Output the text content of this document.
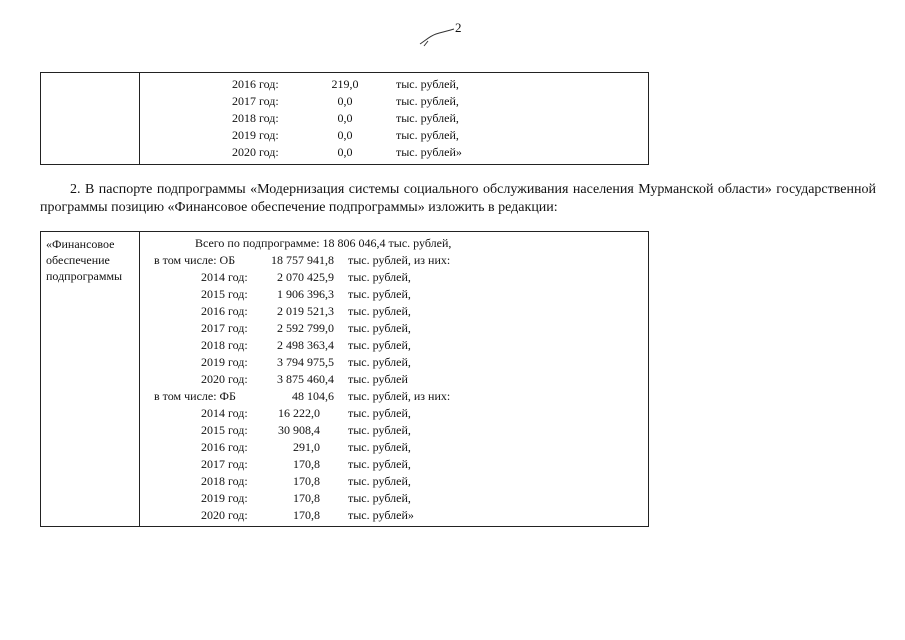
2

2016 год:	219,0	тыс. рублей,
2017 год:	0,0	тыс. рублей,
2018 год:	0,0	тыс. рублей,
2019 год:	0,0	тыс. рублей,
2020 год:	0,0	тыс. рублей»
2. В паспорте подпрограммы «Модернизация системы социального обслуживания населения Мурманской области» государственной программы позицию «Финансовое обеспечение подпрограммы» изложить в редакции:
«Финансовое
обеспечение
подпрограммы

Всего по подпрограмме: 18 806 046,4 тыс. рублей,
в том числе: ОБ	18 757 941,8 тыс. рублей, из них:
2014 год:	2 070 425,9 тыс. рублей,
2015 год:	1 906 396,3 тыс. рублей,
2016 год:	2 019 521,3 тыс. рублей,
2017 год:	2 592 799,0 тыс. рублей,
2018 год:	2 498 363,4 тыс. рублей,
2019 год:	3 794 975,5 тыс. рублей,
2020 год:	3 875 460,4 тыс. рублей
в том числе: ФБ	48 104,6 тыс. рублей, из них:
2014 год:	16 222,0 тыс. рублей,
2015 год:	30 908,4 тыс. рублей,
2016 год:	291,0 тыс. рублей,
2017 год:	170,8 тыс. рублей,
2018 год:	170,8 тыс. рублей,
2019 год:	170,8 тыс. рублей,
2020 год:	170,8 тыс. рублей»
